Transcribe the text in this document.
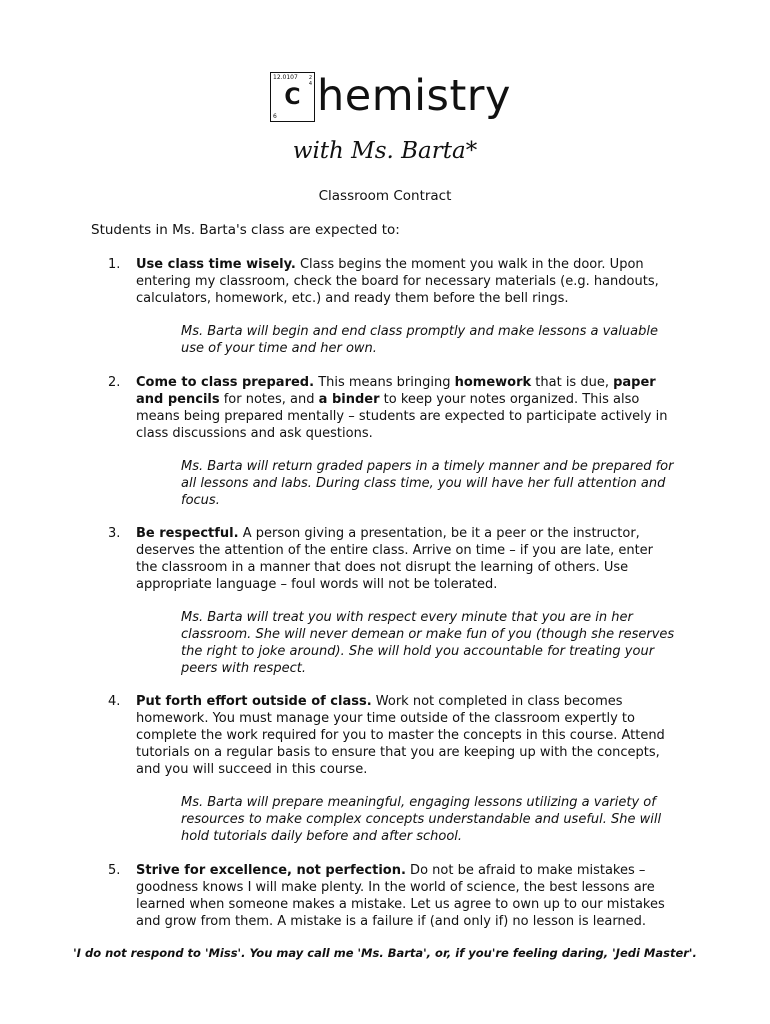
12.0107 2
4
C
6 hemistry
with Ms. Barta*
Classroom Contract
Students in Ms. Barta's class are expected to:
1.	Use class time wisely. Class begins the moment you walk in the door. Upon entering my classroom, check the board for necessary materials (e.g. handouts, calculators, homework, etc.) and ready them before the bell rings.
Ms. Barta will begin and end class promptly and make lessons a valuable use of your time and her own.
2.	Come to class prepared. This means bringing homework that is due, paper and pencils for notes, and a binder to keep your notes organized. This also means being prepared mentally – students are expected to participate actively in class discussions and ask questions.
Ms. Barta will return graded papers in a timely manner and be prepared for all lessons and labs. During class time, you will have her full attention and focus.
3.	Be respectful. A person giving a presentation, be it a peer or the instructor, deserves the attention of the entire class. Arrive on time – if you are late, enter the classroom in a manner that does not disrupt the learning of others. Use appropriate language – foul words will not be tolerated.
Ms. Barta will treat you with respect every minute that you are in her classroom. She will never demean or make fun of you (though she reserves the right to joke around). She will hold you accountable for treating your peers with respect.
4.	Put forth effort outside of class. Work not completed in class becomes homework. You must manage your time outside of the classroom expertly to complete the work required for you to master the concepts in this course. Attend tutorials on a regular basis to ensure that you are keeping up with the concepts, and you will succeed in this course.
Ms. Barta will prepare meaningful, engaging lessons utilizing a variety of resources to make complex concepts understandable and useful. She will hold tutorials daily before and after school.
5.	Strive for excellence, not perfection. Do not be afraid to make mistakes – goodness knows I will make plenty. In the world of science, the best lessons are learned when someone makes a mistake. Let us agree to own up to our mistakes and grow from them. A mistake is a failure if (and only if) no lesson is learned.
'I do not respond to 'Miss'. You may call me 'Ms. Barta', or, if you're feeling daring, 'Jedi Master'.
